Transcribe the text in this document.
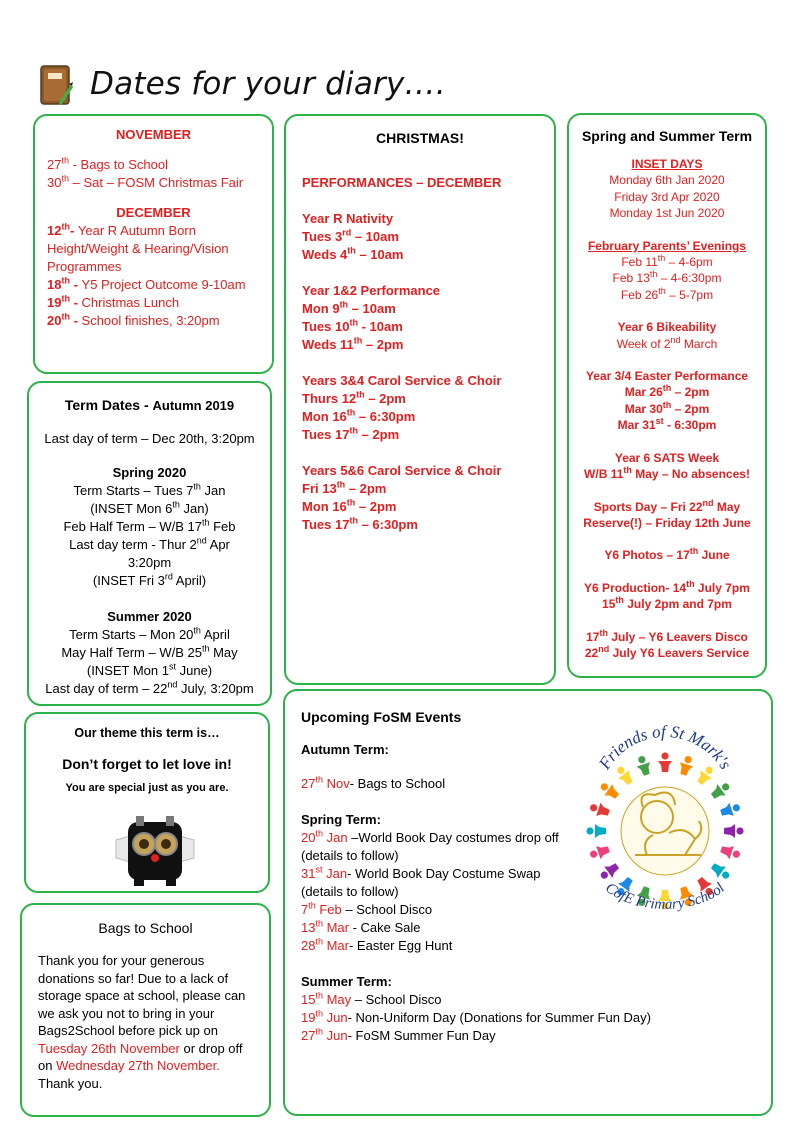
Dates for your diary….
NOVEMBER
27th - Bags to School
30th – Sat – FOSM Christmas Fair
DECEMBER
12th- Year R Autumn Born Height/Weight & Hearing/Vision Programmes
18th - Y5 Project Outcome 9-10am
19th - Christmas Lunch
20th - School finishes, 3:20pm
CHRISTMAS!
PERFORMANCES – DECEMBER
Year R Nativity
Tues 3rd – 10am
Weds 4th – 10am
Year 1&2 Performance
Mon 9th – 10am
Tues 10th - 10am
Weds 11th – 2pm
Years 3&4 Carol Service & Choir
Thurs 12th – 2pm
Mon 16th – 6:30pm
Tues 17th – 2pm
Years 5&6 Carol Service & Choir
Fri 13th – 2pm
Mon 16th – 2pm
Tues 17th – 6:30pm
Spring and Summer Term
INSET DAYS
Monday 6th Jan 2020
Friday 3rd Apr 2020
Monday 1st Jun 2020
February Parents’ Evenings
Feb 11th – 4-6pm
Feb 13th – 4-6:30pm
Feb 26th – 5-7pm
Year 6 Bikeability
Week of 2nd March
Year 3/4 Easter Performance
Mar 26th – 2pm
Mar 30th – 2pm
Mar 31st - 6:30pm
Year 6 SATS Week
W/B 11th May – No absences!
Sports Day – Fri 22nd May
Reserve(!) – Friday 12th June
Y6 Photos – 17th June
Y6 Production- 14th July 7pm
15th July 2pm and 7pm
17th July – Y6 Leavers Disco
22nd July Y6 Leavers Service
Term Dates - Autumn 2019
Last day of term – Dec 20th, 3:20pm
Spring 2020
Term Starts – Tues 7th Jan
(INSET Mon 6th Jan)
Feb Half Term – W/B 17th Feb
Last day term - Thur 2nd Apr
3:20pm
(INSET Fri 3rd April)
Summer 2020
Term Starts – Mon 20th April
May Half Term – W/B 25th May
(INSET Mon 1st June)
Last day of term – 22nd July, 3:20pm
Our theme this term is…
Don’t forget to let love in!
You are special just as you are.
Bags to School
Thank you for your generous donations so far! Due to a lack of storage space at school, please can we ask you not to bring in your Bags2School before pick up on Tuesday 26th November or drop off on Wednesday 27th November. Thank you.
Upcoming FoSM Events
Autumn Term:
27th Nov- Bags to School
Spring Term:
20th Jan –World Book Day costumes drop off (details to follow)
31st Jan- World Book Day Costume Swap (details to follow)
7th Feb – School Disco
13th Mar - Cake Sale
28th Mar- Easter Egg Hunt
Summer Term:
15th May – School Disco
19th Jun- Non-Uniform Day (Donations for Summer Fun Day)
27th Jun- FoSM Summer Fun Day
Friends of St Mark's
CofE Primary School
